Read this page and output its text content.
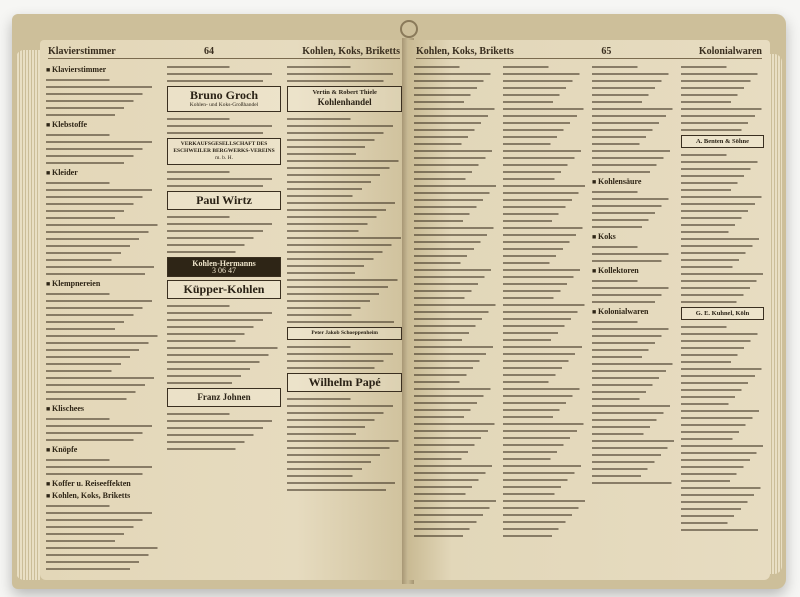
Klavierstimmer	64	Kohlen, Koks, Briketts
■ Klavierstimmer
■ Klebstoffe
■ Kleider
■ Klempnereien
■ Klischees
■ Knöpfe
■ Koffer u. Reiseeffekten
■ Kohlen, Koks, Briketts
Bruno Groch
Kohlen- und Koks-Großhandel
VERKAUFSGESELLSCHAFT DES ESCHWEILER BERGWERKS-VEREINS
m. b. H.
Paul Wirtz
Kohlen-Hermanns
3 06 47
Küpper-Kohlen
Franz Johnen
Vertin & Robert Thiele
Kohlenhandel
Peter Jakob Schoeppenheim
Wilhelm Papé
Kohlen, Koks, Briketts	65	Kolonialwaren
■ Kohlensäure
■ Koks
■ Kollektoren
■ Kolonialwaren
A. Benten & Söhne
G. E. Kuhnel, Köln
